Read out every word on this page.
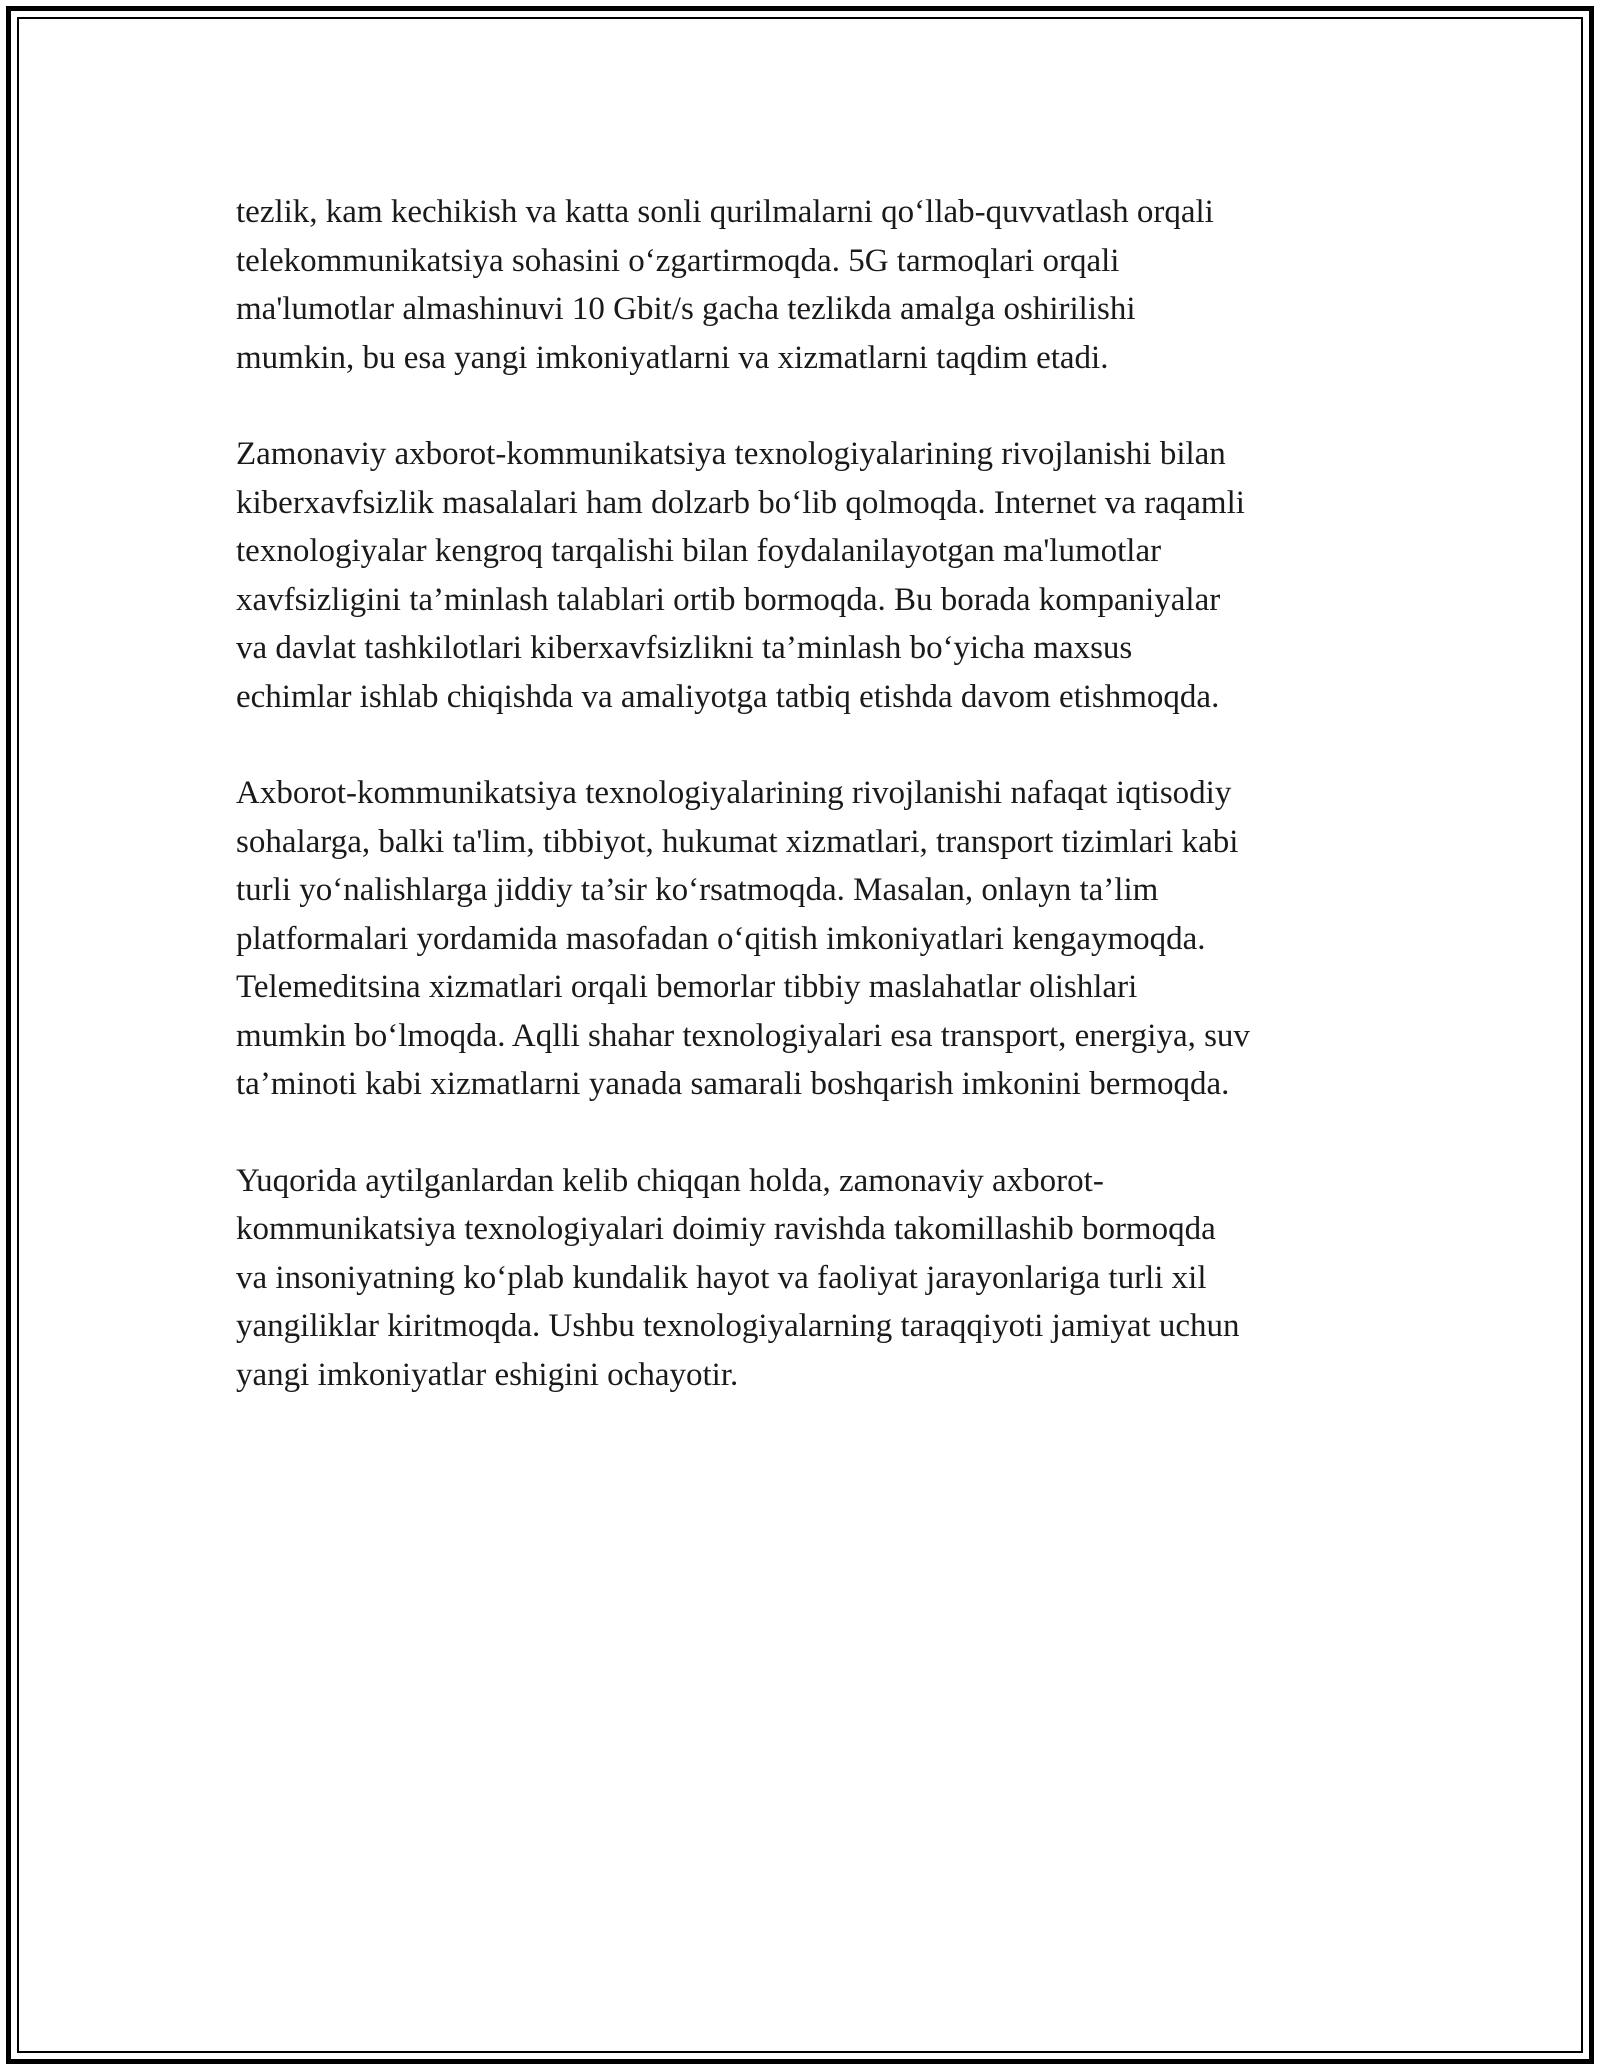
tezlik, kam kechikish va katta sonli qurilmalarni qo‘llab-quvvatlash orqali
telekommunikatsiya sohasini o‘zgartirmoqda. 5G tarmoqlari orqali
ma'lumotlar almashinuvi 10 Gbit/s gacha tezlikda amalga oshirilishi
mumkin, bu esa yangi imkoniyatlarni va xizmatlarni taqdim etadi.

Zamonaviy axborot-kommunikatsiya texnologiyalarining rivojlanishi bilan
kiberxavfsizlik masalalari ham dolzarb bo‘lib qolmoqda. Internet va raqamli
texnologiyalar kengroq tarqalishi bilan foydalanilayotgan ma'lumotlar
xavfsizligini ta’minlash talablari ortib bormoqda. Bu borada kompaniyalar
va davlat tashkilotlari kiberxavfsizlikni ta’minlash bo‘yicha maxsus
echimlar ishlab chiqishda va amaliyotga tatbiq etishda davom etishmoqda.

Axborot-kommunikatsiya texnologiyalarining rivojlanishi nafaqat iqtisodiy
sohalarga, balki ta'lim, tibbiyot, hukumat xizmatlari, transport tizimlari kabi
turli yo‘nalishlarga jiddiy ta’sir ko‘rsatmoqda. Masalan, onlayn ta’lim
platformalari yordamida masofadan o‘qitish imkoniyatlari kengaymoqda.
Telemeditsina xizmatlari orqali bemorlar tibbiy maslahatlar olishlari
mumkin bo‘lmoqda. Aqlli shahar texnologiyalari esa transport, energiya, suv
ta’minoti kabi xizmatlarni yanada samarali boshqarish imkonini bermoqda.

Yuqorida aytilganlardan kelib chiqqan holda, zamonaviy axborot-
kommunikatsiya texnologiyalari doimiy ravishda takomillashib bormoqda
va insoniyatning ko‘plab kundalik hayot va faoliyat jarayonlariga turli xil
yangiliklar kiritmoqda. Ushbu texnologiyalarning taraqqiyoti jamiyat uchun
yangi imkoniyatlar eshigini ochayotir.
